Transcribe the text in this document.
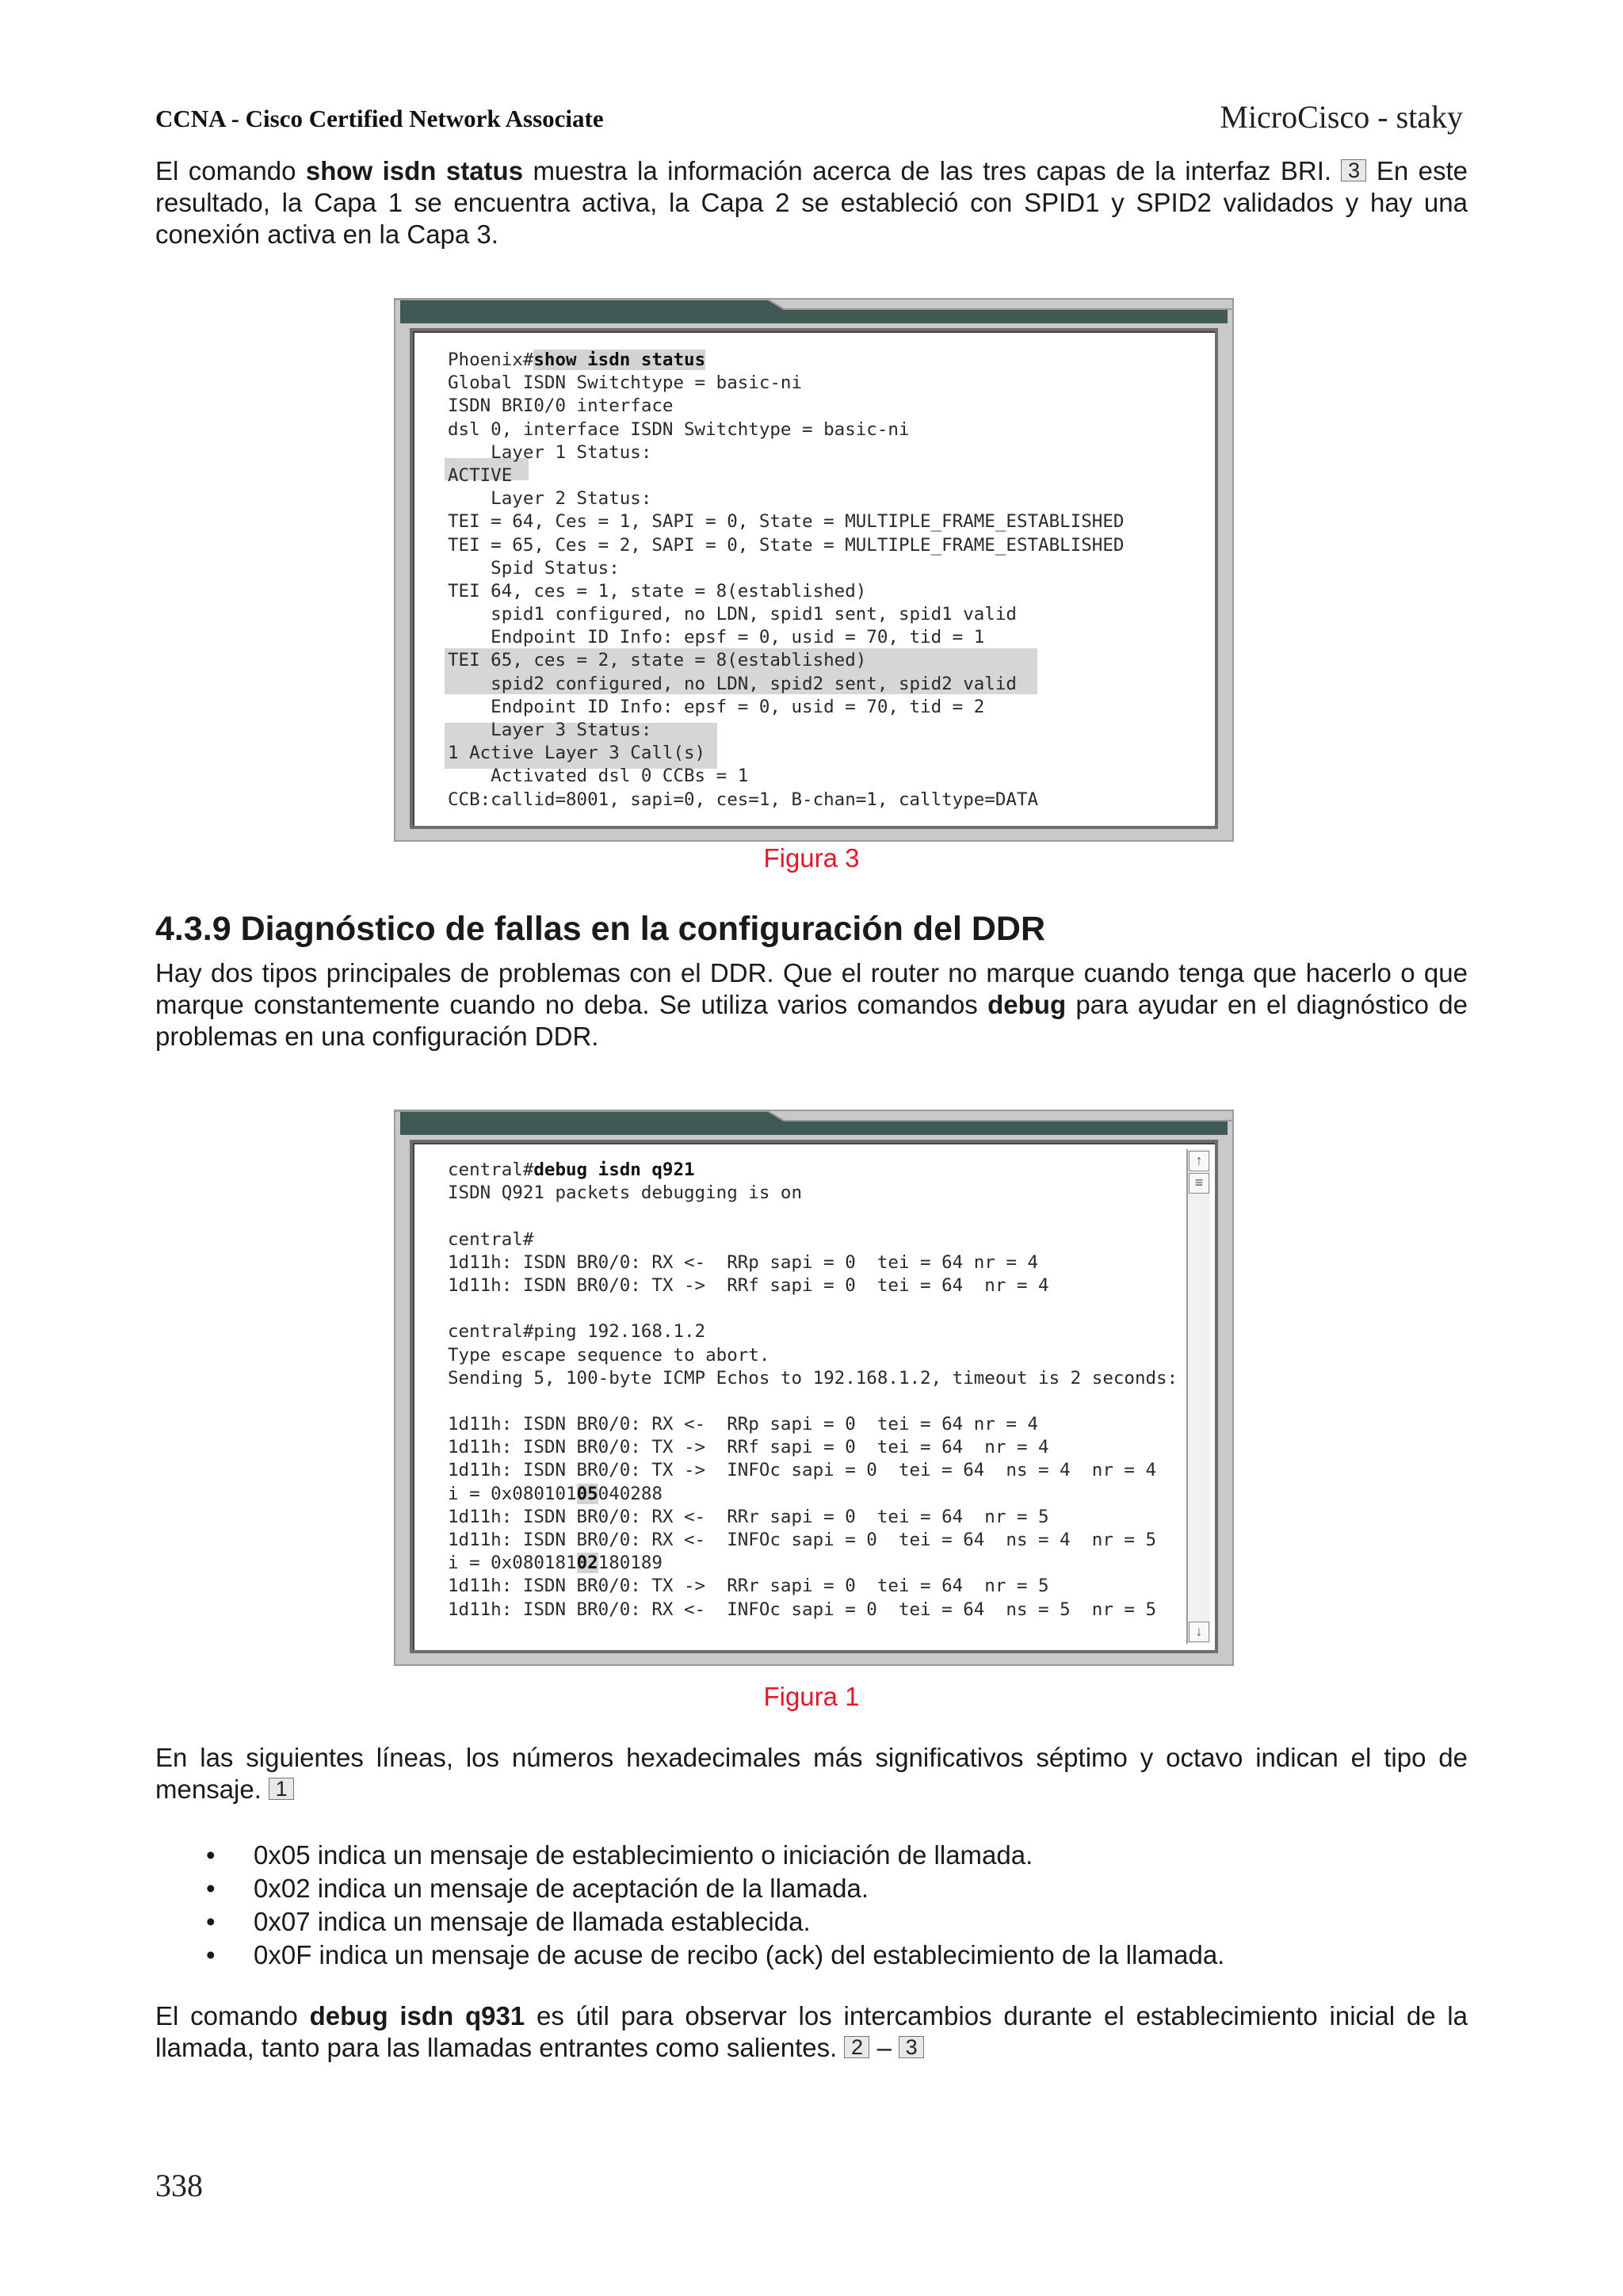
CCNA - Cisco Certified Network Associate	MicroCisco - staky
El comando show isdn status muestra la información acerca de las tres capas de la interfaz BRI. 3 En este resultado, la Capa 1 se encuentra activa, la Capa 2 se estableció con SPID1 y SPID2 validados y hay una conexión activa en la Capa 3.
Phoenix#show isdn status
Global ISDN Switchtype = basic-ni
ISDN BRI0/0 interface
dsl 0, interface ISDN Switchtype = basic-ni
Layer 1 Status:
ACTIVE
Layer 2 Status:
TEI = 64, Ces = 1, SAPI = 0, State = MULTIPLE_FRAME_ESTABLISHED
TEI = 65, Ces = 2, SAPI = 0, State = MULTIPLE_FRAME_ESTABLISHED
Spid Status:
TEI 64, ces = 1, state = 8(established)
spid1 configured, no LDN, spid1 sent, spid1 valid
Endpoint ID Info: epsf = 0, usid = 70, tid = 1
TEI 65, ces = 2, state = 8(established)
spid2 configured, no LDN, spid2 sent, spid2 valid
Endpoint ID Info: epsf = 0, usid = 70, tid = 2
Layer 3 Status:
1 Active Layer 3 Call(s)
Activated dsl 0 CCBs = 1
CCB:callid=8001, sapi=0, ces=1, B-chan=1, calltype=DATA
Figura 3
4.3.9 Diagnóstico de fallas en la configuración del DDR
Hay dos tipos principales de problemas con el DDR. Que el router no marque cuando tenga que hacerlo o que marque constantemente cuando no deba. Se utiliza varios comandos debug para ayudar en el diagnóstico de problemas en una configuración DDR.
central#debug isdn q921
ISDN Q921 packets debugging is on
central#
1d11h: ISDN BR0/0: RX <-  RRp sapi = 0  tei = 64 nr = 4
1d11h: ISDN BR0/0: TX ->  RRf sapi = 0  tei = 64  nr = 4
central#ping 192.168.1.2
Type escape sequence to abort.
Sending 5, 100-byte ICMP Echos to 192.168.1.2, timeout is 2 seconds:
1d11h: ISDN BR0/0: RX <-  RRp sapi = 0  tei = 64 nr = 4
1d11h: ISDN BR0/0: TX ->  RRf sapi = 0  tei = 64  nr = 4
1d11h: ISDN BR0/0: TX ->  INFOc sapi = 0  tei = 64  ns = 4  nr = 4
i = 0x08010105040288
1d11h: ISDN BR0/0: RX <-  RRr sapi = 0  tei = 64  nr = 5
1d11h: ISDN BR0/0: RX <-  INFOc sapi = 0  tei = 64  ns = 4  nr = 5
i = 0x08018102180189
1d11h: ISDN BR0/0: TX ->  RRr sapi = 0  tei = 64  nr = 5
1d11h: ISDN BR0/0: RX <-  INFOc sapi = 0  tei = 64  ns = 5  nr = 5
↑
≡
↓
Figura 1
En las siguientes líneas, los números hexadecimales más significativos séptimo y octavo indican el tipo de mensaje. 1
• 0x05 indica un mensaje de establecimiento o iniciación de llamada.
• 0x02 indica un mensaje de aceptación de la llamada.
• 0x07 indica un mensaje de llamada establecida.
• 0x0F indica un mensaje de acuse de recibo (ack) del establecimiento de la llamada.
El comando debug isdn q931 es útil para observar los intercambios durante el establecimiento inicial de la llamada, tanto para las llamadas entrantes como salientes. 2 – 3
338
